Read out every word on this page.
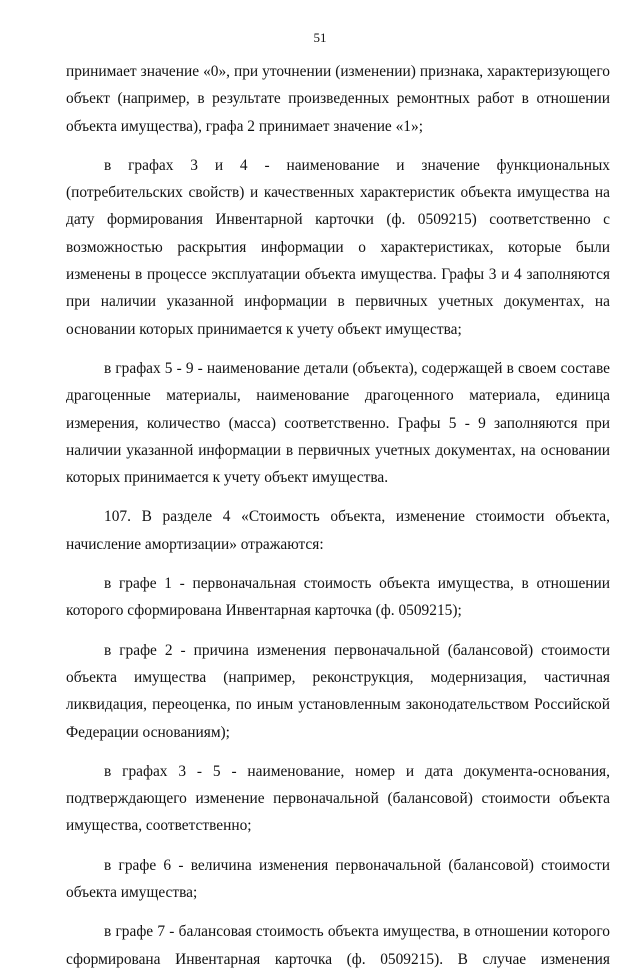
51

принимает значение «0», при уточнении (изменении) признака, характеризующего объект (например, в результате произведенных ремонтных работ в отношении объекта имущества), графа 2 принимает значение «1»;

в графах 3 и 4 - наименование и значение функциональных (потребительских свойств) и качественных характеристик объекта имущества на дату формирования Инвентарной карточки (ф. 0509215) соответственно с возможностью раскрытия информации о характеристиках, которые были изменены в процессе эксплуатации объекта имущества. Графы 3 и 4 заполняются при наличии указанной информации в первичных учетных документах, на основании которых принимается к учету объект имущества;

в графах 5 - 9 - наименование детали (объекта), содержащей в своем составе драгоценные материалы, наименование драгоценного материала, единица измерения, количество (масса) соответственно. Графы 5 - 9 заполняются при наличии указанной информации в первичных учетных документах, на основании которых принимается к учету объект имущества.

107. В разделе 4 «Стоимость объекта, изменение стоимости объекта, начисление амортизации» отражаются:

в графе 1 - первоначальная стоимость объекта имущества, в отношении которого сформирована Инвентарная карточка (ф. 0509215);

в графе 2 - причина изменения первоначальной (балансовой) стоимости объекта имущества (например, реконструкция, модернизация, частичная ликвидация, переоценка, по иным установленным законодательством Российской Федерации основаниям);

в графах 3 - 5 - наименование, номер и дата документа-основания, подтверждающего изменение первоначальной (балансовой) стоимости объекта имущества, соответственно;

в графе 6 - величина изменения первоначальной (балансовой) стоимости объекта имущества;

в графе 7 - балансовая стоимость объекта имущества, в отношении которого сформирована Инвентарная карточка (ф. 0509215). В случае изменения
